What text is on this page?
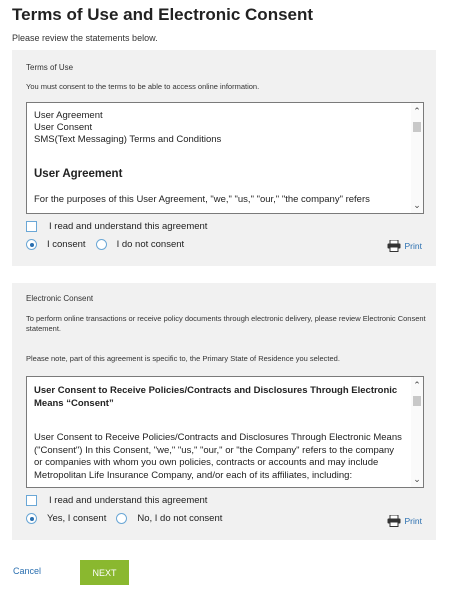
Terms of Use and Electronic Consent
Please review the statements below.
Terms of Use
You must consent to the terms to be able to access online information.
User Agreement
User Consent
SMS(Text Messaging) Terms and Conditions
User Agreement
For the purposes of this User Agreement, "we," "us," "our," "the company" refers
⌃
⌄
I read and understand this agreement
I consent	I do not consent	Print
Electronic Consent
To perform online transactions or receive policy documents through electronic delivery, please review Electronic Consent statement.
Please note, part of this agreement is specific to, the Primary State of Residence you selected.
User Consent to Receive Policies/Contracts and Disclosures Through Electronic Means “Consent”
User Consent to Receive Policies/Contracts and Disclosures Through Electronic Means ("Consent") In this Consent, "we," "us," "our," or "the Company" refers to the company or companies with whom you own policies, contracts or accounts and may include Metropolitan Life Insurance Company, and/or each of its affiliates, including:
⌃
⌄
I read and understand this agreement
Yes, I consent	No, I do not consent	Print
Cancel	NEXT
